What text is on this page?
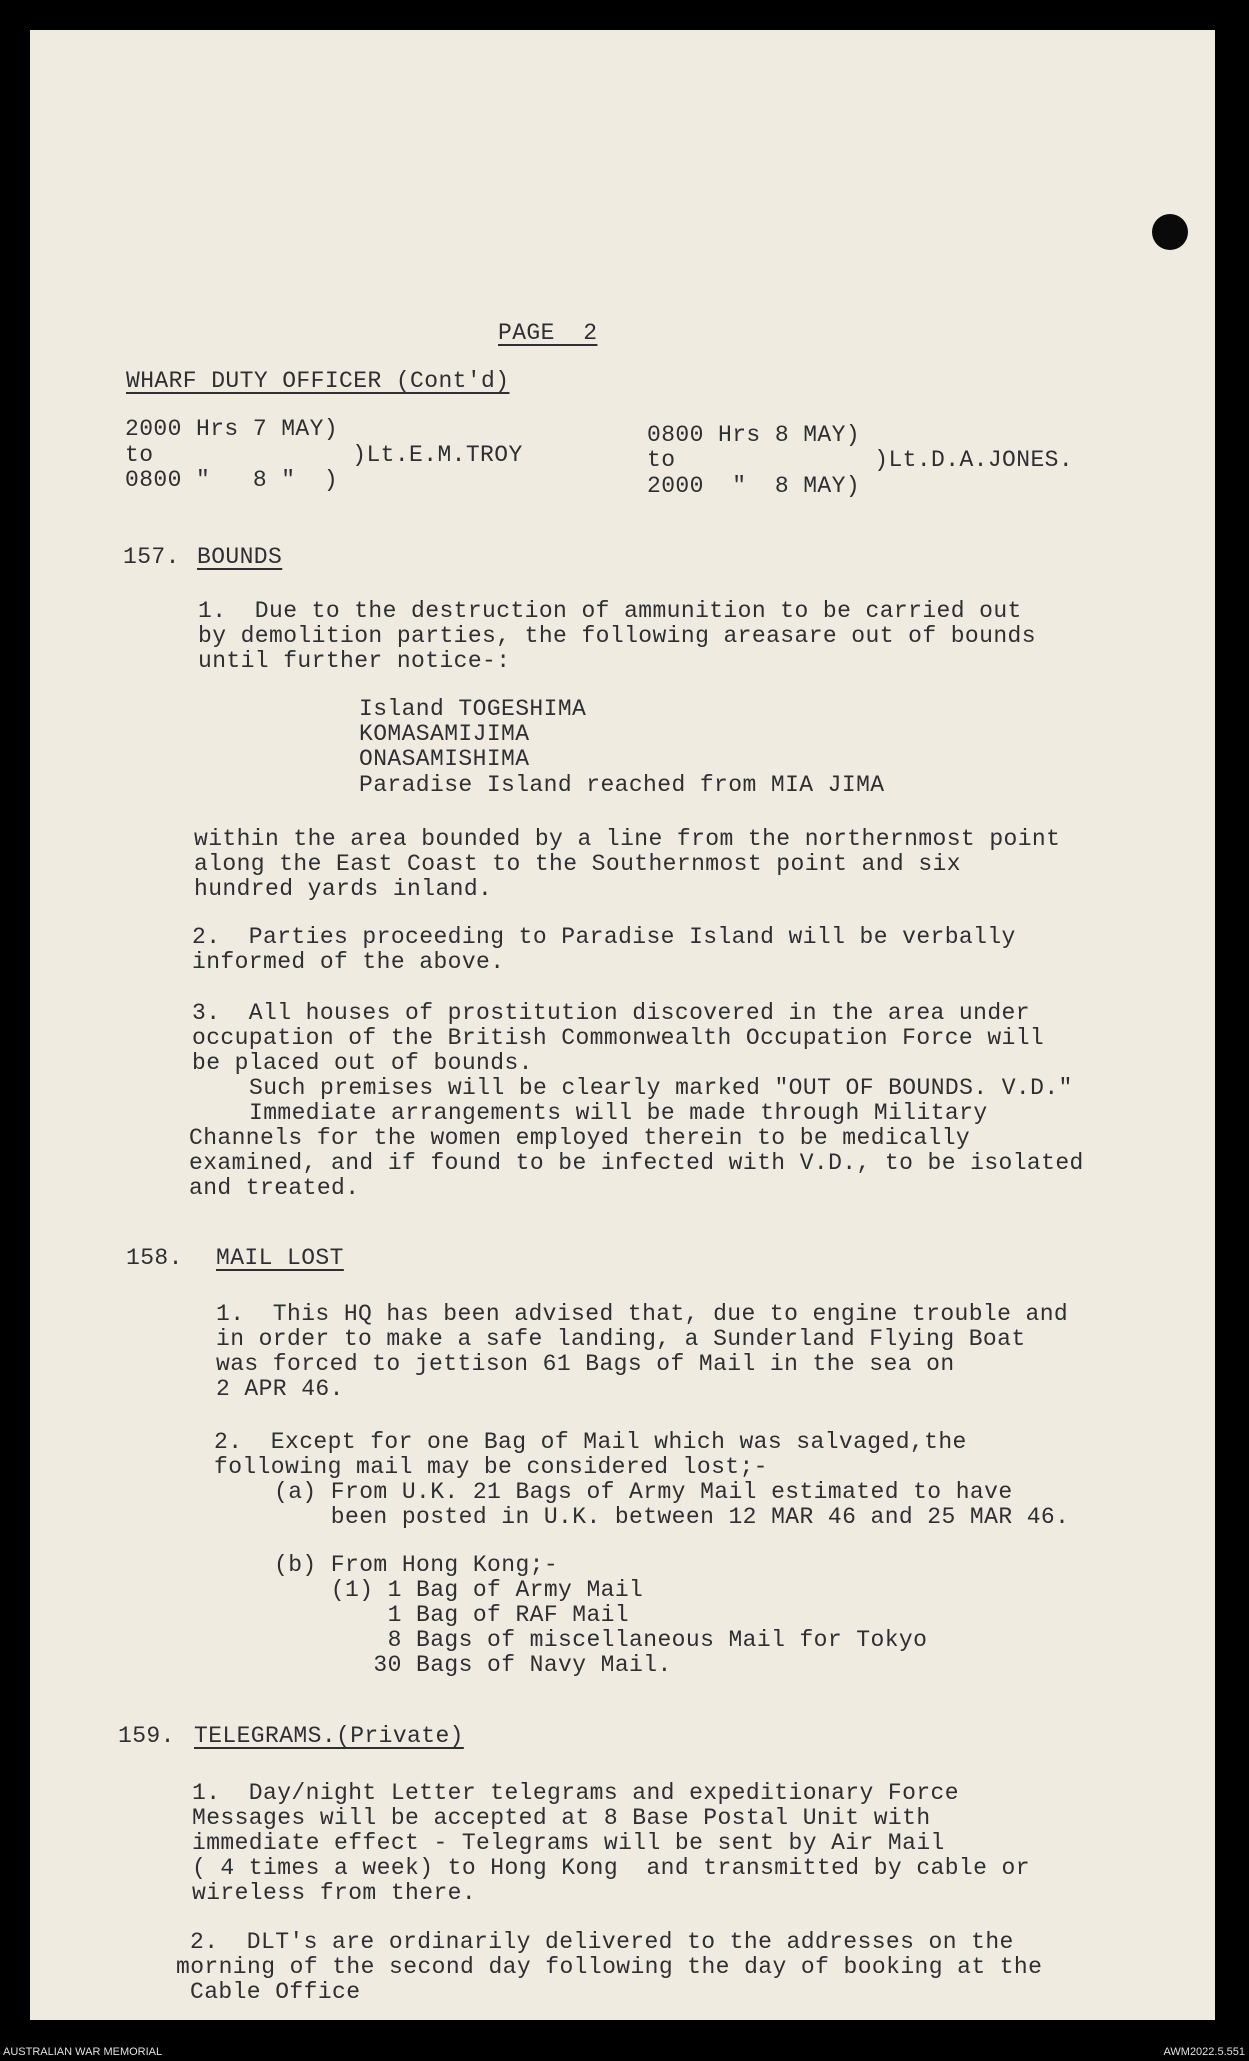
PAGE  2
WHARF DUTY OFFICER (Cont'd)
2000 Hrs 7 MAY)
to              )Lt.E.M.TROY
0800 "   8 "  )
0800 Hrs 8 MAY)
to              )Lt.D.A.JONES.
2000  "  8 MAY)
157. BOUNDS
1.  Due to the destruction of ammunition to be carried out
by demolition parties, the following areasare out of bounds
until further notice-:
Island TOGESHIMA
KOMASAMIJIMA
ONASAMISHIMA
Paradise Island reached from MIA JIMA
within the area bounded by a line from the northernmost point
along the East Coast to the Southernmost point and six
hundred yards inland.
2.  Parties proceeding to Paradise Island will be verbally
informed of the above.
3.  All houses of prostitution discovered in the area under
occupation of the British Commonwealth Occupation Force will
be placed out of bounds.
Such premises will be clearly marked "OUT OF BOUNDS. V.D."
Immediate arrangements will be made through Military
Channels for the women employed therein to be medically
examined, and if found to be infected with V.D., to be isolated
and treated.
158. MAIL LOST
1.  This HQ has been advised that, due to engine trouble and
in order to make a safe landing, a Sunderland Flying Boat
was forced to jettison 61 Bags of Mail in the sea on
2 APR 46.
2.  Except for one Bag of Mail which was salvaged,the
following mail may be considered lost;-
(a) From U.K. 21 Bags of Army Mail estimated to have
been posted in U.K. between 12 MAR 46 and 25 MAR 46.
(b) From Hong Kong;-
(1) 1 Bag of Army Mail
1 Bag of RAF Mail
8 Bags of miscellaneous Mail for Tokyo
30 Bags of Navy Mail.
159. TELEGRAMS.(Private)
1.  Day/night Letter telegrams and expeditionary Force
Messages will be accepted at 8 Base Postal Unit with
immediate effect - Telegrams will be sent by Air Mail
( 4 times a week) to Hong Kong  and transmitted by cable or
wireless from there.
2.  DLT's are ordinarily delivered to the addresses on the
morning of the second day following the day of booking at the
Cable Office
AUSTRALIAN WAR MEMORIAL	AWM2022.5.551
